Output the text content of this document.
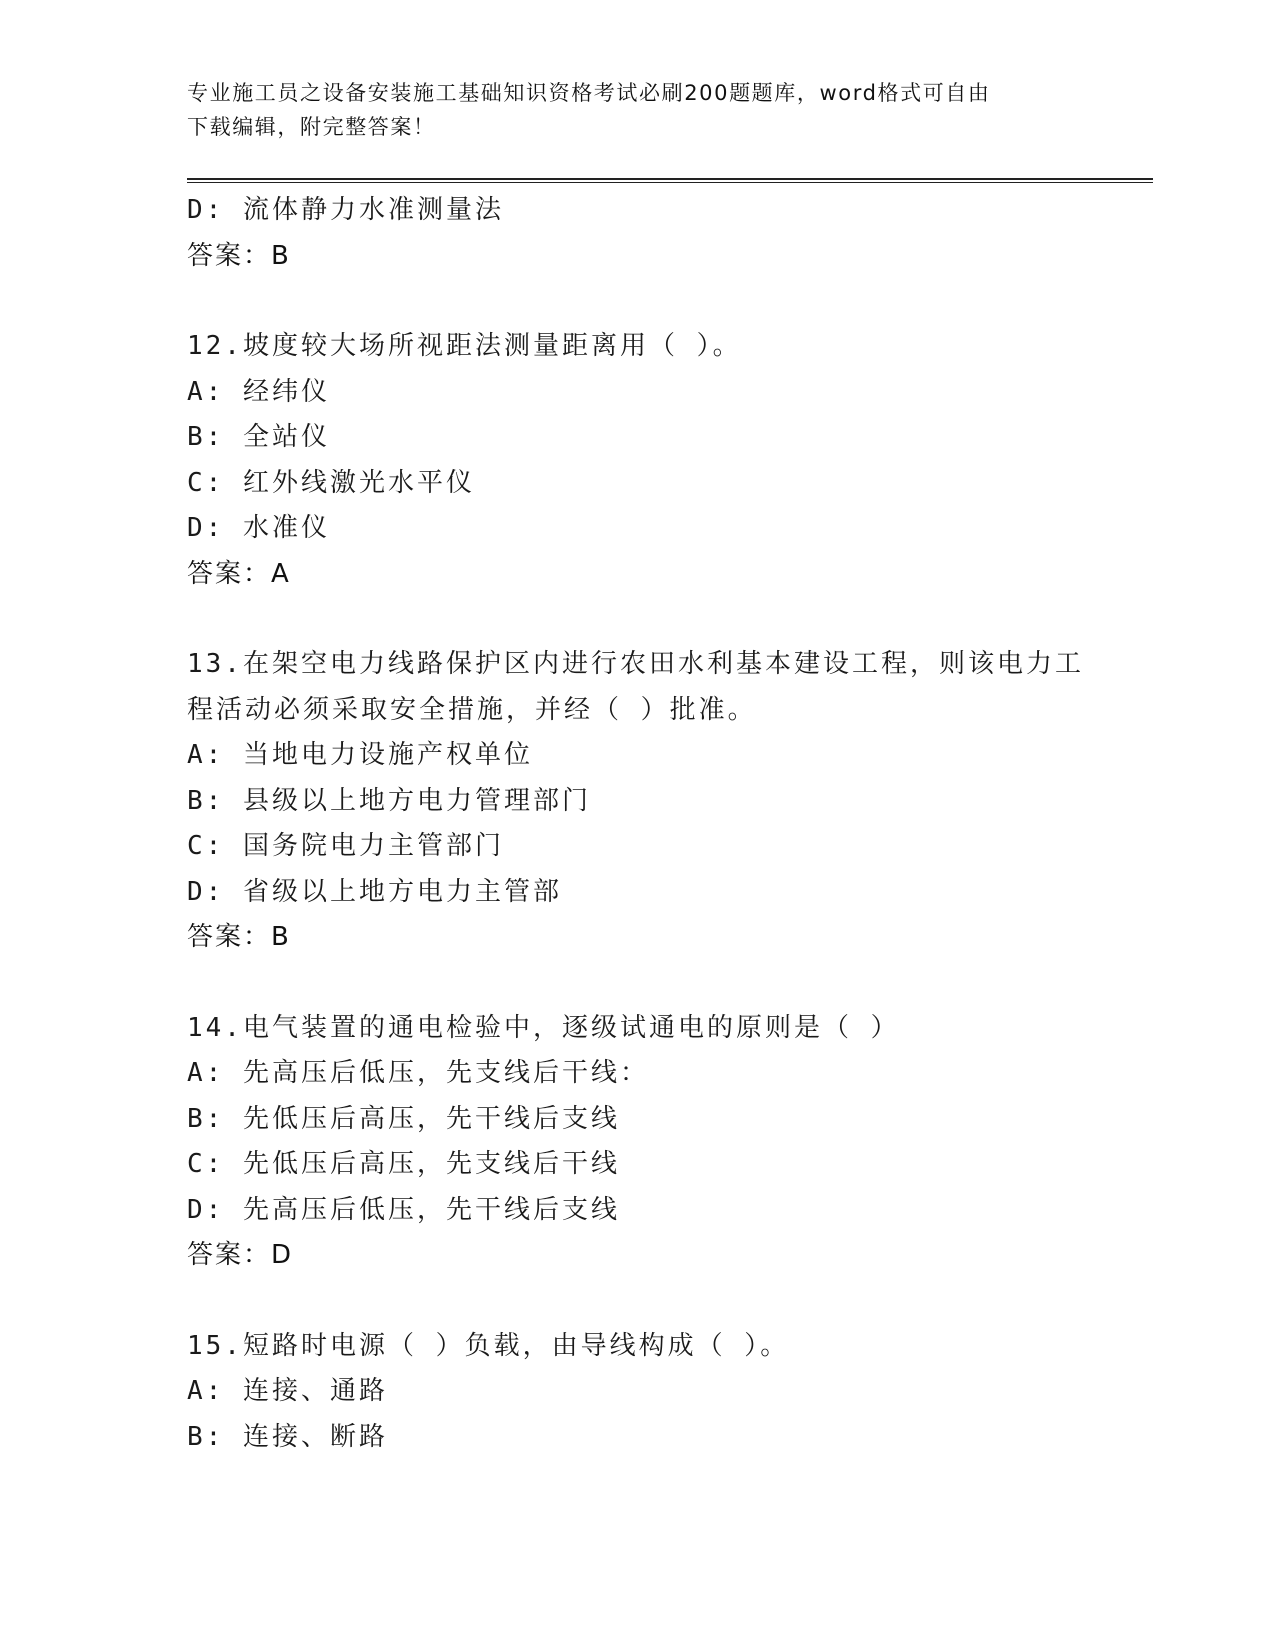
专业施工员之设备安装施工基础知识资格考试必刷200题题库，word格式可自由
下载编辑，附完整答案！
D: 流体静力水准测量法
答案：B
12.坡度较大场所视距法测量距离用（ ）。
A: 经纬仪
B: 全站仪
C: 红外线激光水平仪
D: 水准仪
答案：A
13.在架空电力线路保护区内进行农田水利基本建设工程，则该电力工
程活动必须采取安全措施，并经（ ）批准。
A: 当地电力设施产权单位
B: 县级以上地方电力管理部门
C: 国务院电力主管部门
D: 省级以上地方电力主管部
答案：B
14.电气装置的通电检验中，逐级试通电的原则是（ ）
A: 先高压后低压，先支线后干线：
B: 先低压后高压，先干线后支线
C: 先低压后高压，先支线后干线
D: 先高压后低压，先干线后支线
答案：D
15.短路时电源（ ）负载，由导线构成（ ）。
A: 连接、通路
B: 连接、断路
